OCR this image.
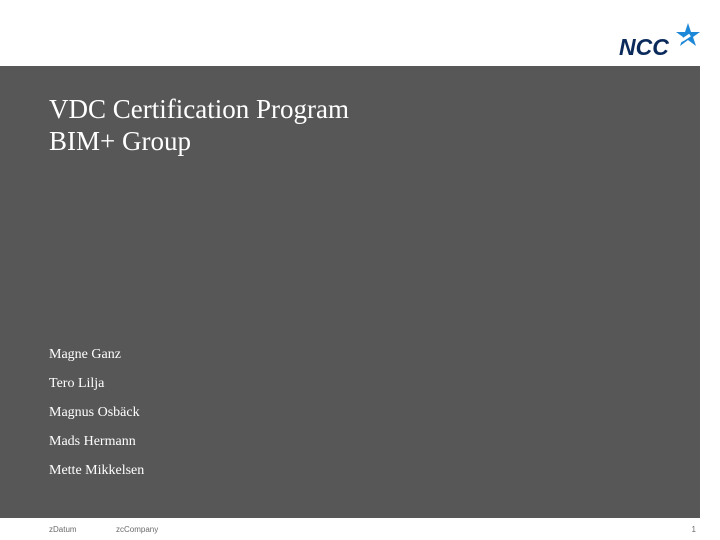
NCC
VDC Certification Program
BIM+ Group
Magne Ganz
Tero Lilja
Magnus Osbäck
Mads Hermann
Mette Mikkelsen
zDatum	zcCompany	1
